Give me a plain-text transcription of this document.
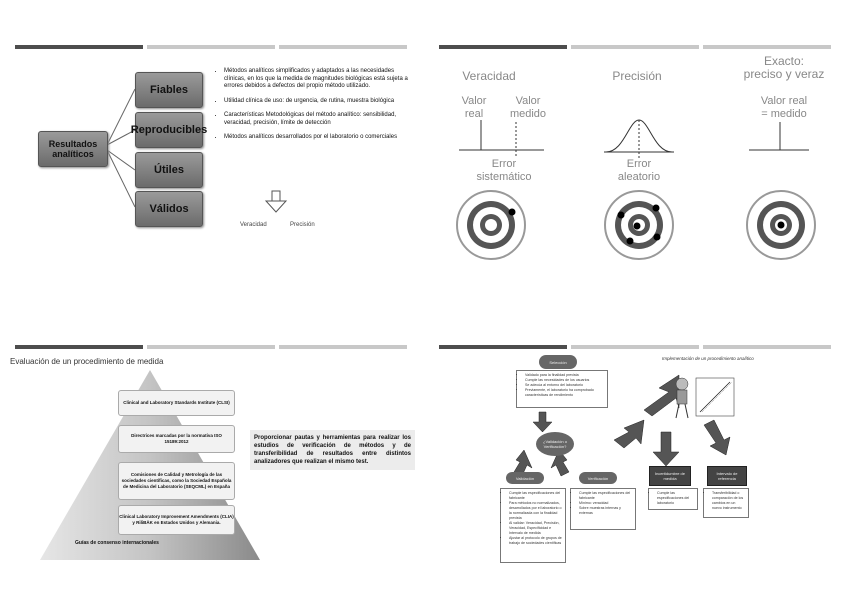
Resultados analíticos
Fiables
Reproducibles
Útiles
Válidos
• Métodos analíticos simplificados y adaptados a las necesidades clínicas, en los que la medida de magnitudes biológicas está sujeta a errores debidos a defectos del propio método utilizado.
• Utilidad clínica de uso: de urgencia, de rutina, muestra biológica
• Características Metodológicas del método analítico: sensibilidad, veracidad, precisión, límite de detección
• Métodos analíticos desarrollados por el laboratorio o comerciales
Veracidad	Precisión
Veracidad	Precisión
Exacto:
preciso y veraz
Valor
real
Valor
medido
Valor real
= medido
Error
sistemático
Error
aleatorio
Evaluación de un procedimiento de medida
Clinical and Laboratory Standards Institute (CLSI)
Directrices marcadas por la normativa ISO 15189:2012
Comisiones de Calidad y Metrología de las sociedades científicas, como la Sociedad Española de Medicina del Laboratorio (SEQCML) en España
Clinical Laboratory Improvement Amendments (CLIA) y RiliBÄK en Estados Unidos y Alemania.
Guías de consenso internacionales
Proporcionar pautas y herramientas para realizar los estudios de verificación de métodos y de transferibilidad de resultados entre distintos analizadores que realizan el mismo test.
Implementación de un procedimiento analítico
Selección
• Validado para la finalidad prevista
• Cumple las necesidades de los usuarios
• Se adecúa al entorno del laboratorio
• Previamente, el laboratorio ha comprobado características de rendimiento
¿Validación o Verificación?
Validación	Verificación
Incertidumbre de medida
Intervalo de referencia
• Cumple las especificaciones del fabricante
• Para métodos no normalizados, desarrollados por el laboratorio o la normalizada con la finalidad prevista
• Al validar: Veracidad, Precisión, Veracidad, Especificidad e Intervalo de medida
• Ajustar al protocolo de grupos de trabajo de sociedades científicas
• Cumple las especificaciones del fabricante
• Mínimo: veracidad
• Sobre muestras internas y externas
• Cumple las especificaciones del laboratorio
• Transferibilidad o comparación de los cambios en un nuevo instrumento
